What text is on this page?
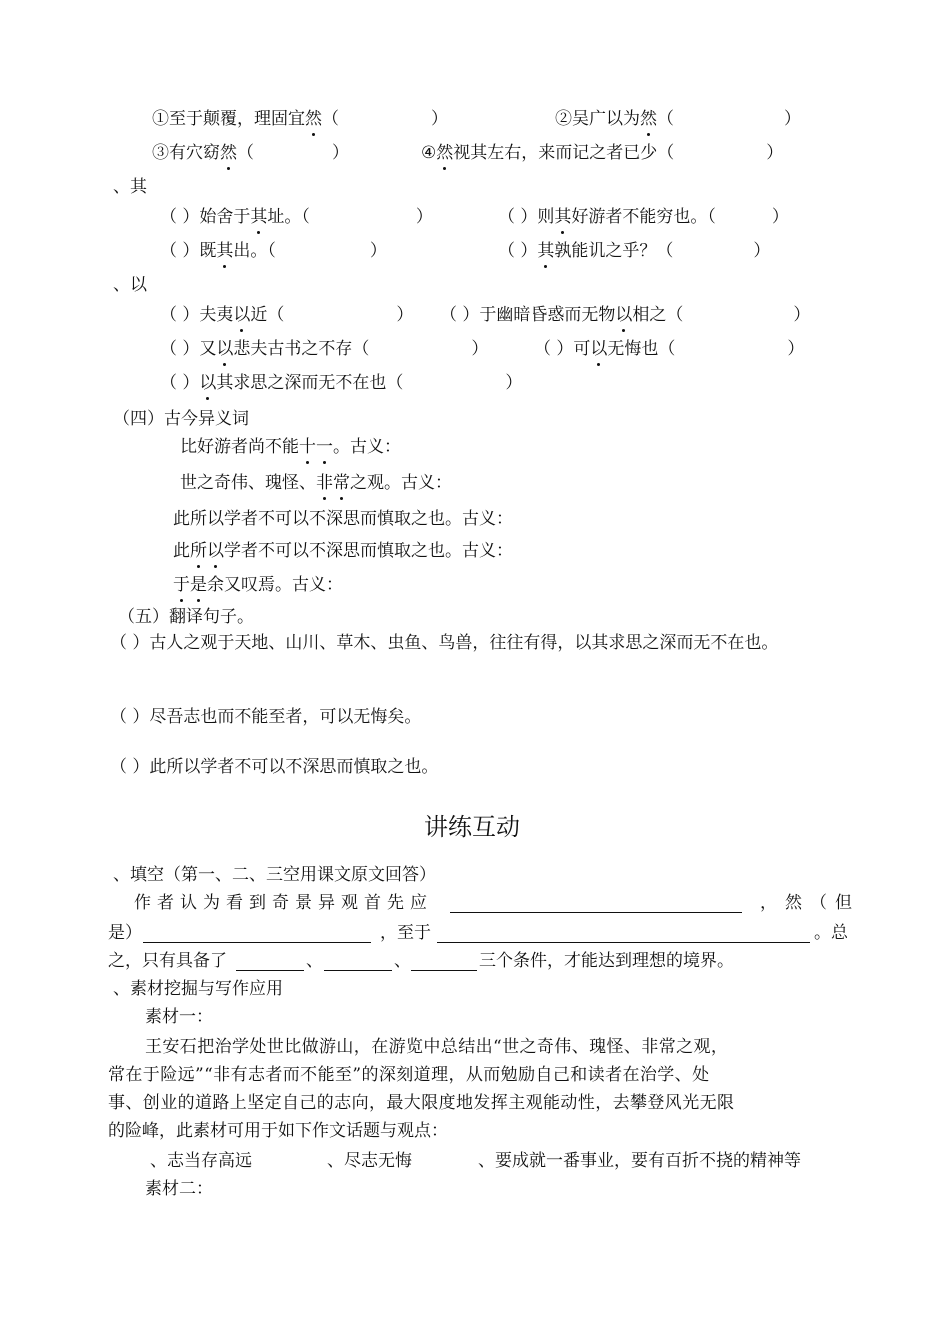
①至于颠覆，理固宜然（	）	②吴广以为然（	）
③有穴窈然（	）	④然视其左右，来而记之者已少（	）
、其
（ ）始舍于其址。（	）	（ ）则其好游者不能穷也。（	）
（ ）既其出。（	）	（ ）其孰能讥之乎？（	）
、以
（ ）夫夷以近（	） （ ）于幽暗昏惑而无物以相之（	）
（ ）又以悲夫古书之不存（	）	（ ）可以无悔也（	）
（ ）以其求思之深而无不在也（	）
（四）古今异义词
比好游者尚不能十一。古义：
世之奇伟、瑰怪、非常之观。古义：
此所以学者不可以不深思而慎取之也。古义：
此所以学者不可以不深思而慎取之也。古义：
于是余又叹焉。古义：
（五）翻译句子。
（ ）古人之观于天地、山川、草木、虫鱼、鸟兽，往往有得，以其求思之深而无不在也。
（ ）尽吾志也而不能至者，可以无悔矣。
（ ）此所以学者不可以不深思而慎取之也。
讲练互动
、填空（第一、二、三空用课文原文回答）
作者认为看到奇景异观首先应	，然（但
是）	，至于	。总
之，只有具备了	、	、	三个条件，才能达到理想的境界。
、素材挖掘与写作应用
素材一：
王安石把治学处世比做游山，在游览中总结出“世之奇伟、瑰怪、非常之观，
常在于险远”“非有志者而不能至”的深刻道理，从而勉励自己和读者在治学、处
事、创业的道路上坚定自己的志向，最大限度地发挥主观能动性，去攀登风光无限
的险峰，此素材可用于如下作文话题与观点：
、志当存高远	、尽志无悔	、要成就一番事业，要有百折不挠的精神等
素材二：
